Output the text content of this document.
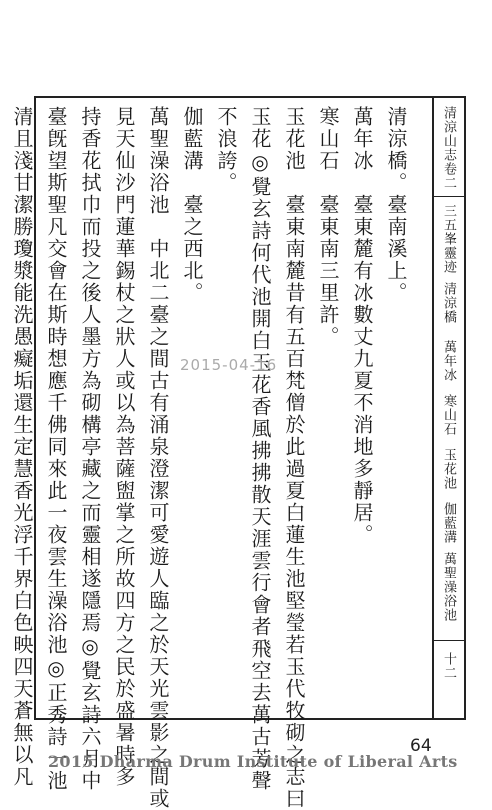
清涼山志卷二
三五峯靈迹
清涼橋
萬年冰
寒山石
玉花池
伽藍溝
萬聖澡浴池
十二
清涼橋。臺南溪上。
萬年冰　臺東麓有冰數丈九夏不消地多靜居。
寒山石　臺東南三里許。
玉花池　臺東南麓昔有五百梵僧於此過夏白蓮生池堅瑩若玉代牧砌之志曰
玉花◎覺玄詩何代池開白玉花香風拂拂散天涯雲行會者飛空去萬古芳聲
不浪誇。
伽藍溝　臺之西北。
萬聖澡浴池　中北二臺之間古有涌泉澄潔可愛遊人臨之於天光雲影之間或
見天仙沙門蓮華錫杖之狀人或以為菩薩盥掌之所故四方之民於盛暑時多
持香花拭巾而投之後人墨方為砌構亭藏之而靈相遂隱焉◎覺玄詩六月中
臺旣望斯聖凡交會在斯時想應千佛同來此一夜雲生澡浴池◎正秀詩一池
清且淺甘潔勝瓊漿能洗愚癡垢還生定慧香光浮千界白色映四天蒼無以凡	2015-04-16
64
2015 Dharma Drum Institute of Liberal Arts
